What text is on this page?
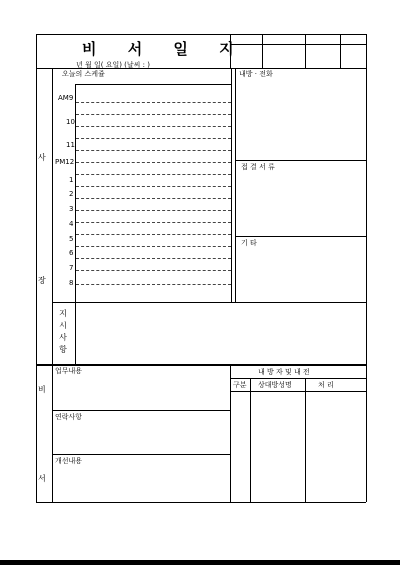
비 서 일 지
년 월 일( 요일) (날씨 : )
사
장
오늘의 스케쥴
AM9
10
11
PM12
1
2
3
4
5
6
7
8
내방 · 전화
접 결 서 류
기 타
지
시
사
항
비
서
업무내용
연락사항
개선내용
내 방 자 및 내 전
구분 상대방성명	처 리
